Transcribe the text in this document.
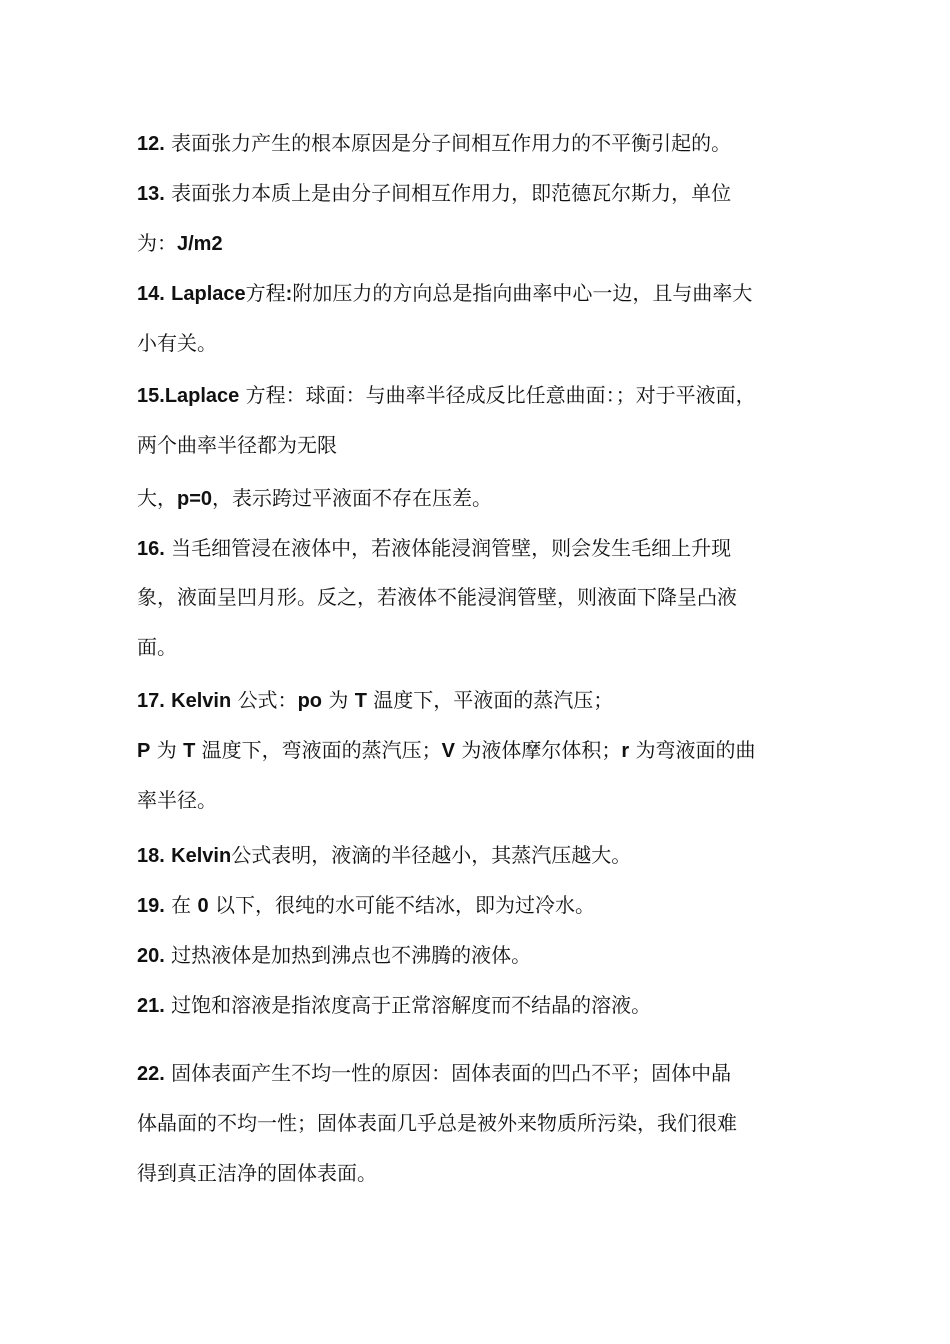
12. 表面张力产生的根本原因是分子间相互作用力的不平衡引起的。
13. 表面张力本质上是由分子间相互作用力，即范德瓦尔斯力，单位
为：J/m2
14. Laplace方程:附加压力的方向总是指向曲率中心一边，且与曲率大
小有关。
15.Laplace 方程：球面：与曲率半径成反比任意曲面：；对于平液面，
两个曲率半径都为无限
大，p=0，表示跨过平液面不存在压差。
16. 当毛细管浸在液体中，若液体能浸润管壁，则会发生毛细上升现
象，液面呈凹月形。反之，若液体不能浸润管壁，则液面下降呈凸液
面。
17. Kelvin 公式：po 为 T 温度下，平液面的蒸汽压；
P 为 T 温度下，弯液面的蒸汽压；V 为液体摩尔体积；r 为弯液面的曲
率半径。
18. Kelvin公式表明，液滴的半径越小，其蒸汽压越大。
19. 在 0 以下，很纯的水可能不结冰，即为过冷水。
20. 过热液体是加热到沸点也不沸腾的液体。
21. 过饱和溶液是指浓度高于正常溶解度而不结晶的溶液。
22. 固体表面产生不均一性的原因：固体表面的凹凸不平；固体中晶
体晶面的不均一性；固体表面几乎总是被外来物质所污染，我们很难
得到真正洁净的固体表面。
